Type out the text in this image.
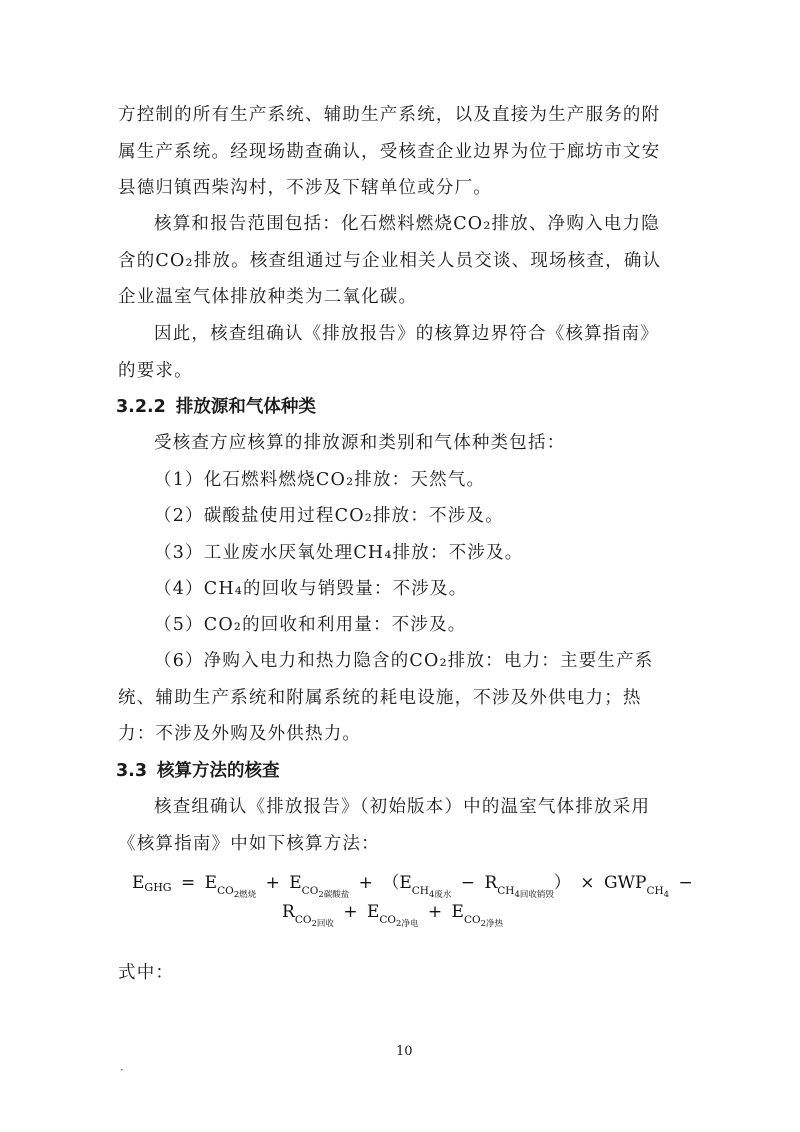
方控制的所有生产系统、辅助生产系统，以及直接为生产服务的附
属生产系统。经现场勘查确认，受核查企业边界为位于廊坊市文安
县德归镇西柴沟村，不涉及下辖单位或分厂。

核算和报告范围包括：化石燃料燃烧CO₂排放、净购入电力隐
含的CO₂排放。核查组通过与企业相关人员交谈、现场核查，确认
企业温室气体排放种类为二氧化碳。

因此，核查组确认《排放报告》的核算边界符合《核算指南》
的要求。

3.2.2 排放源和气体种类

受核查方应核算的排放源和类别和气体种类包括：

（1）化石燃料燃烧CO₂排放：天然气。
（2）碳酸盐使用过程CO₂排放：不涉及。
（3）工业废水厌氧处理CH₄排放：不涉及。
（4）CH₄的回收与销毁量：不涉及。
（5）CO₂的回收和利用量：不涉及。

（6）净购入电力和热力隐含的CO₂排放：电力：主要生产系
统、辅助生产系统和附属系统的耗电设施，不涉及外供电力；热
力：不涉及外购及外供热力。

3.3 核算方法的核查

核查组确认《排放报告》（初始版本）中的温室气体排放采用
《核算指南》中如下核算方法：

$E_{GHG} = E_{CO2燃烧} + E_{CO2碳酸盐} + (E_{CH4废水} - R_{CH4回收销毁}) \times GWP_{CH4}$ −
$R_{CO2回收} + E_{CO2净电} + E_{CO2净热}$

式中：

10
·
